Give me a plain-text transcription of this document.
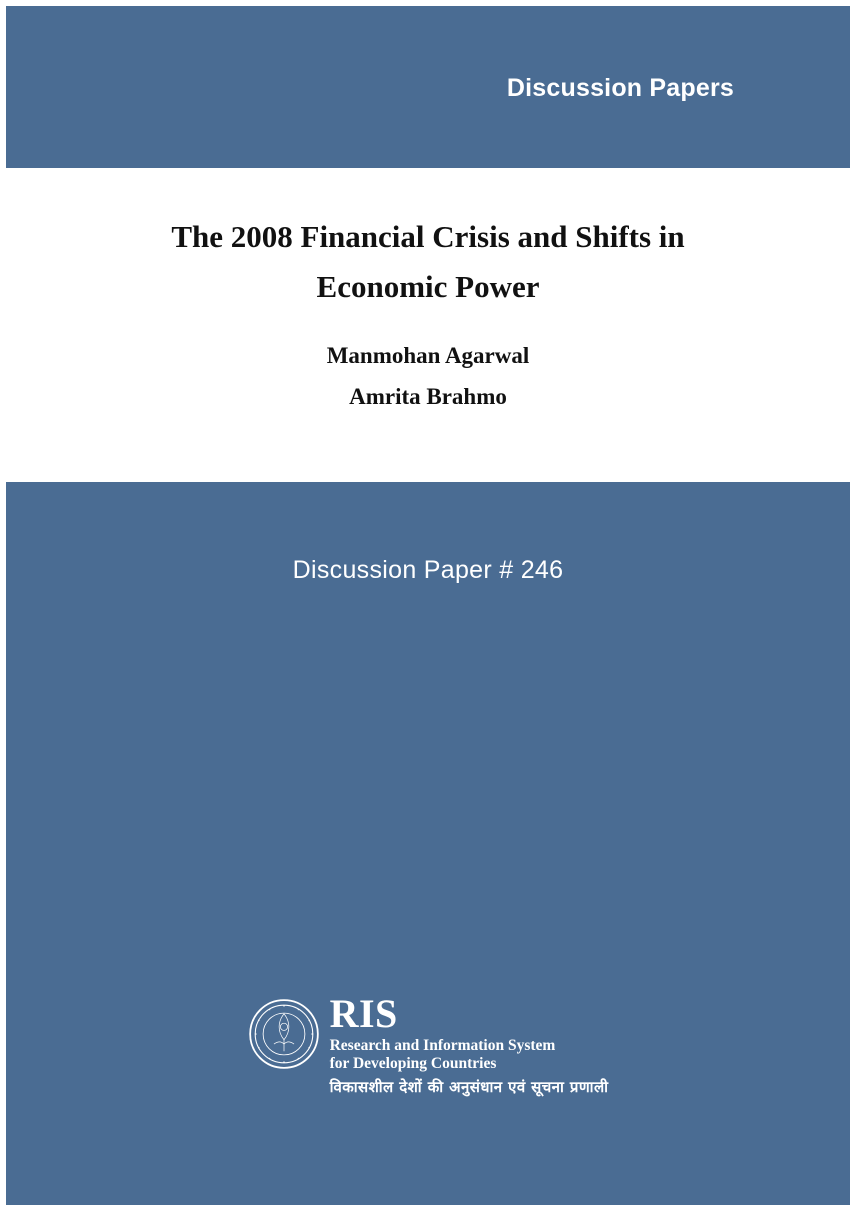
Discussion Papers
The 2008 Financial Crisis and Shifts in
Economic Power
Manmohan Agarwal
Amrita Brahmo
Discussion Paper # 246
RIS
Research and Information System
for Developing Countries
विकासशील देशों की अनुसंधान एवं सूचना प्रणाली
